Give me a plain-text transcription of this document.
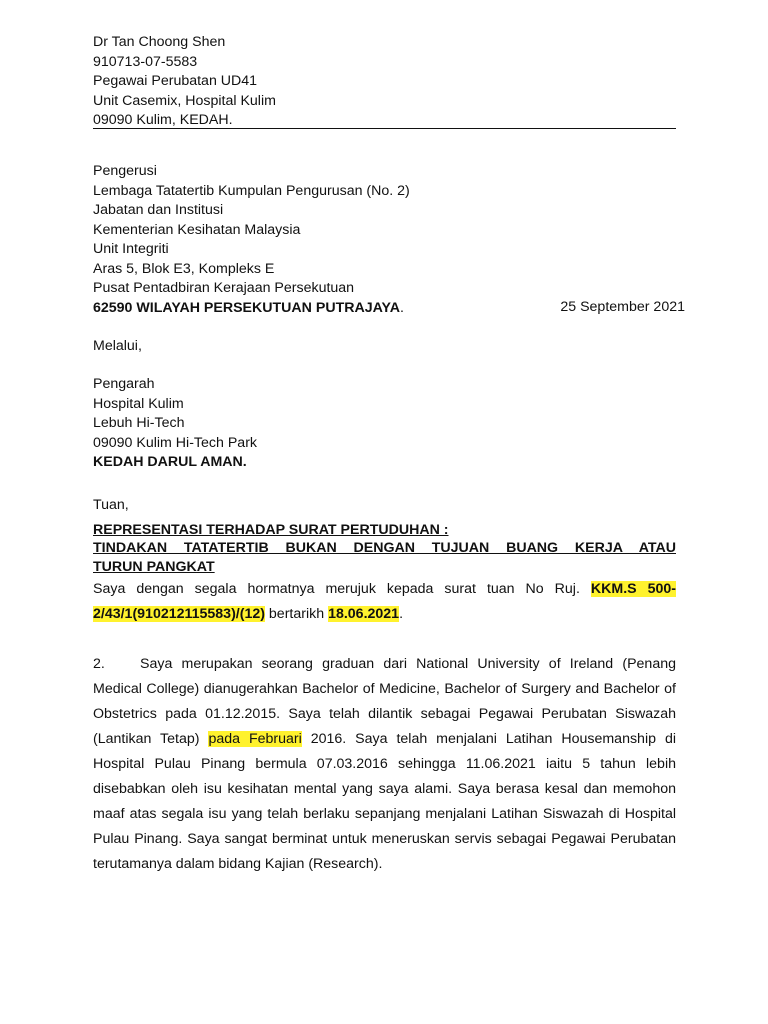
Dr Tan Choong Shen
910713-07-5583
Pegawai Perubatan UD41
Unit Casemix, Hospital Kulim
09090 Kulim, KEDAH.
Pengerusi
Lembaga Tatatertib Kumpulan Pengurusan (No. 2)
Jabatan dan Institusi
Kementerian Kesihatan Malaysia
Unit Integriti
Aras 5, Blok E3, Kompleks E
Pusat Pentadbiran Kerajaan Persekutuan
62590 WILAYAH PERSEKUTUAN PUTRAJAYA.	25 September 2021
Melalui,
Pengarah
Hospital Kulim
Lebuh Hi-Tech
09090 Kulim Hi-Tech Park
KEDAH DARUL AMAN.
Tuan,
REPRESENTASI TERHADAP SURAT PERTUDUHAN :
TINDAKAN TATATERTIB BUKAN DENGAN TUJUAN BUANG KERJA ATAU
TURUN PANGKAT
Saya dengan segala hormatnya merujuk kepada surat tuan No Ruj. KKM.S 500-2/43/1(910212115583)/(12) bertarikh 18.06.2021.
2. Saya merupakan seorang graduan dari National University of Ireland (Penang Medical College) dianugerahkan Bachelor of Medicine, Bachelor of Surgery and Bachelor of Obstetrics pada 01.12.2015. Saya telah dilantik sebagai Pegawai Perubatan Siswazah (Lantikan Tetap) pada Februari 2016. Saya telah menjalani Latihan Housemanship di Hospital Pulau Pinang bermula 07.03.2016 sehingga 11.06.2021 iaitu 5 tahun lebih disebabkan oleh isu kesihatan mental yang saya alami. Saya berasa kesal dan memohon maaf atas segala isu yang telah berlaku sepanjang menjalani Latihan Siswazah di Hospital Pulau Pinang. Saya sangat berminat untuk meneruskan servis sebagai Pegawai Perubatan terutamanya dalam bidang Kajian (Research).
